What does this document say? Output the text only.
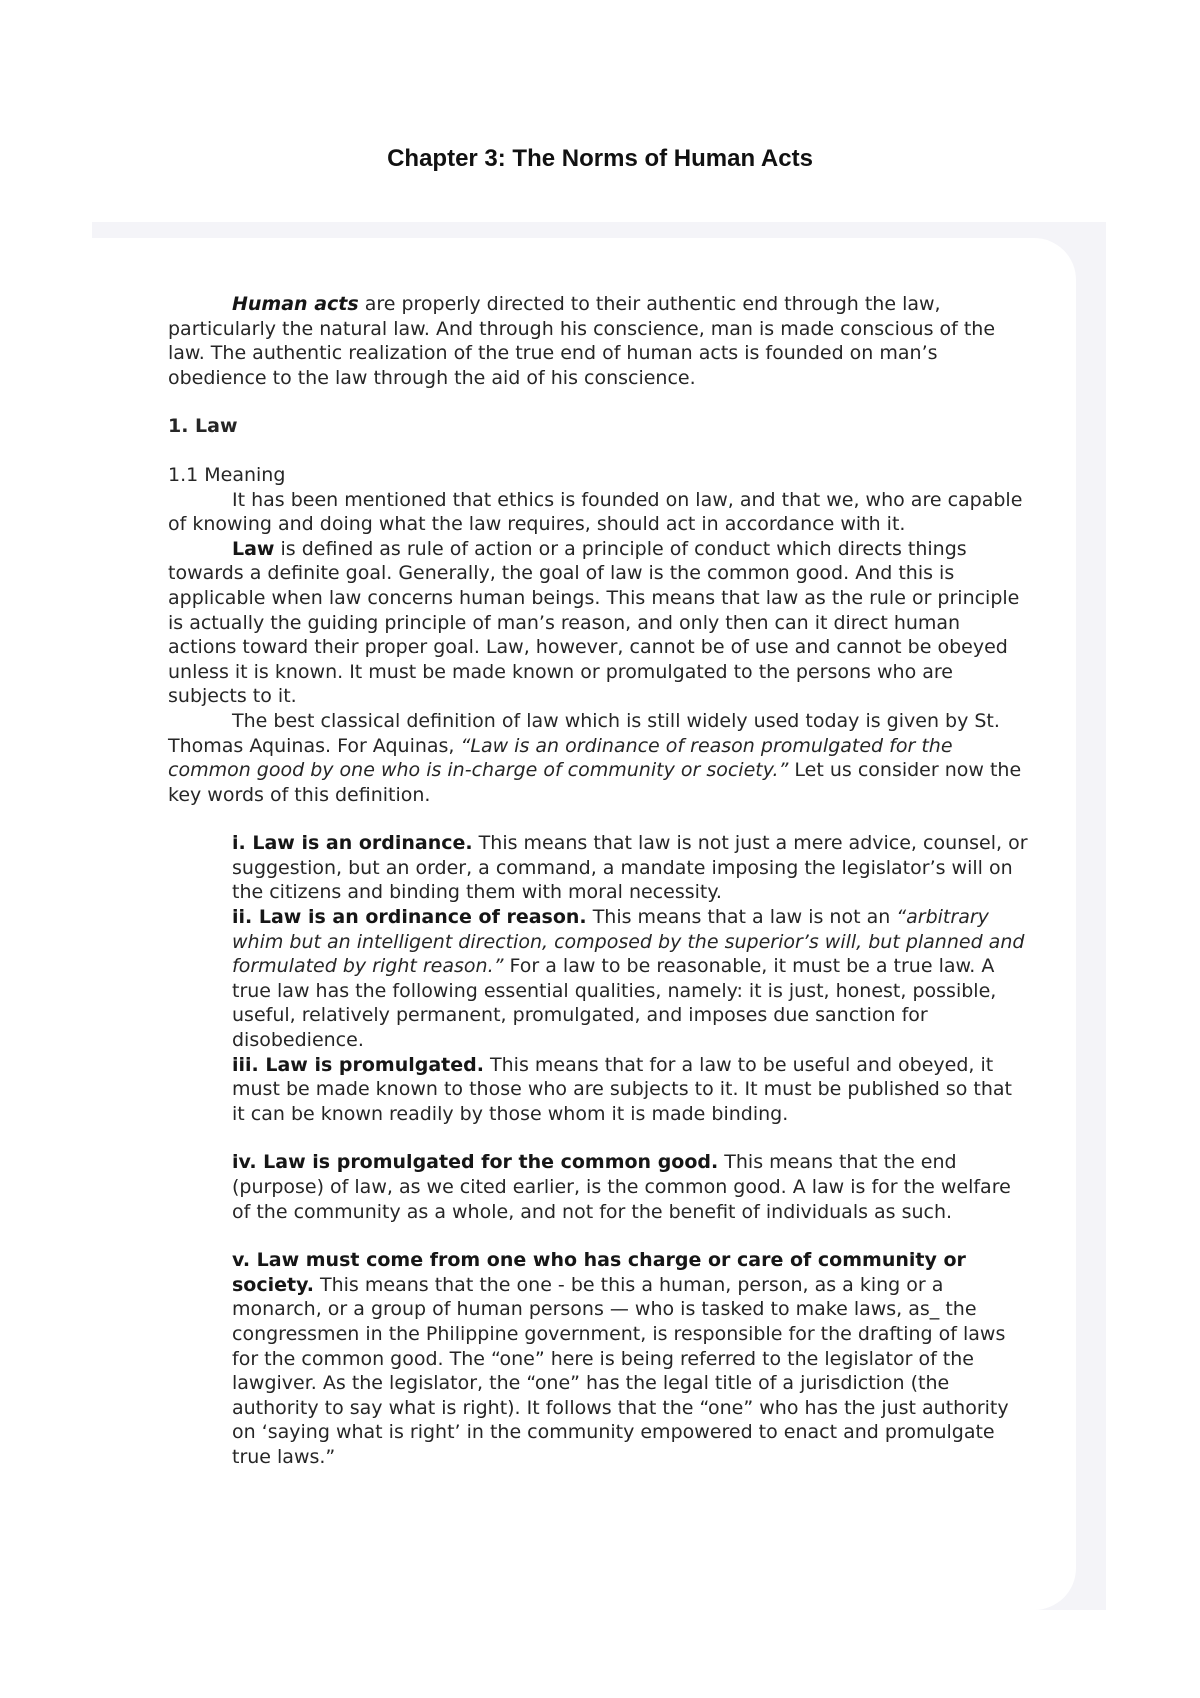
Chapter 3: The Norms of Human Acts

Human acts are properly directed to their authentic end through the law, particularly the natural law. And through his conscience, man is made conscious of the law. The authentic realization of the true end of human acts is founded on man’s obedience to the law through the aid of his conscience.

1. Law

1.1 Meaning

It has been mentioned that ethics is founded on law, and that we, who are capable of knowing and doing what the law requires, should act in accordance with it.

Law is defined as rule of action or a principle of conduct which directs things towards a definite goal. Generally, the goal of law is the common good. And this is applicable when law concerns human beings. This means that law as the rule or principle is actually the guiding principle of man’s reason, and only then can it direct human actions toward their proper goal. Law, however, cannot be of use and cannot be obeyed unless it is known. It must be made known or promulgated to the persons who are subjects to it.

The best classical definition of law which is still widely used today is given by St. Thomas Aquinas. For Aquinas, “Law is an ordinance of reason promulgated for the common good by one who is in-charge of community or society.” Let us consider now the key words of this definition.

i. Law is an ordinance. This means that law is not just a mere advice, counsel, or suggestion, but an order, a command, a mandate imposing the legislator’s will on the citizens and binding them with moral necessity.

ii. Law is an ordinance of reason. This means that a law is not an “arbitrary whim but an intelligent direction, composed by the superior’s will, but planned and formulated by right reason.” For a law to be reasonable, it must be a true law. A true law has the following essential qualities, namely: it is just, honest, possible, useful, relatively permanent, promulgated, and imposes due sanction for disobedience.

iii. Law is promulgated. This means that for a law to be useful and obeyed, it must be made known to those who are subjects to it. It must be published so that it can be known readily by those whom it is made binding.

iv. Law is promulgated for the common good. This means that the end (purpose) of law, as we cited earlier, is the common good. A law is for the welfare of the community as a whole, and not for the benefit of individuals as such.

v. Law must come from one who has charge or care of community or society. This means that the one - be this a human, person, as a king or a monarch, or a group of human persons — who is tasked to make laws, as_ the congressmen in the Philippine government, is responsible for the drafting of laws for the common good. The “one” here is being referred to the legislator of the lawgiver. As the legislator, the “one” has the legal title of a jurisdiction (the authority to say what is right). It follows that the “one” who has the just authority on ‘saying what is right’ in the community empowered to enact and promulgate true laws.”
